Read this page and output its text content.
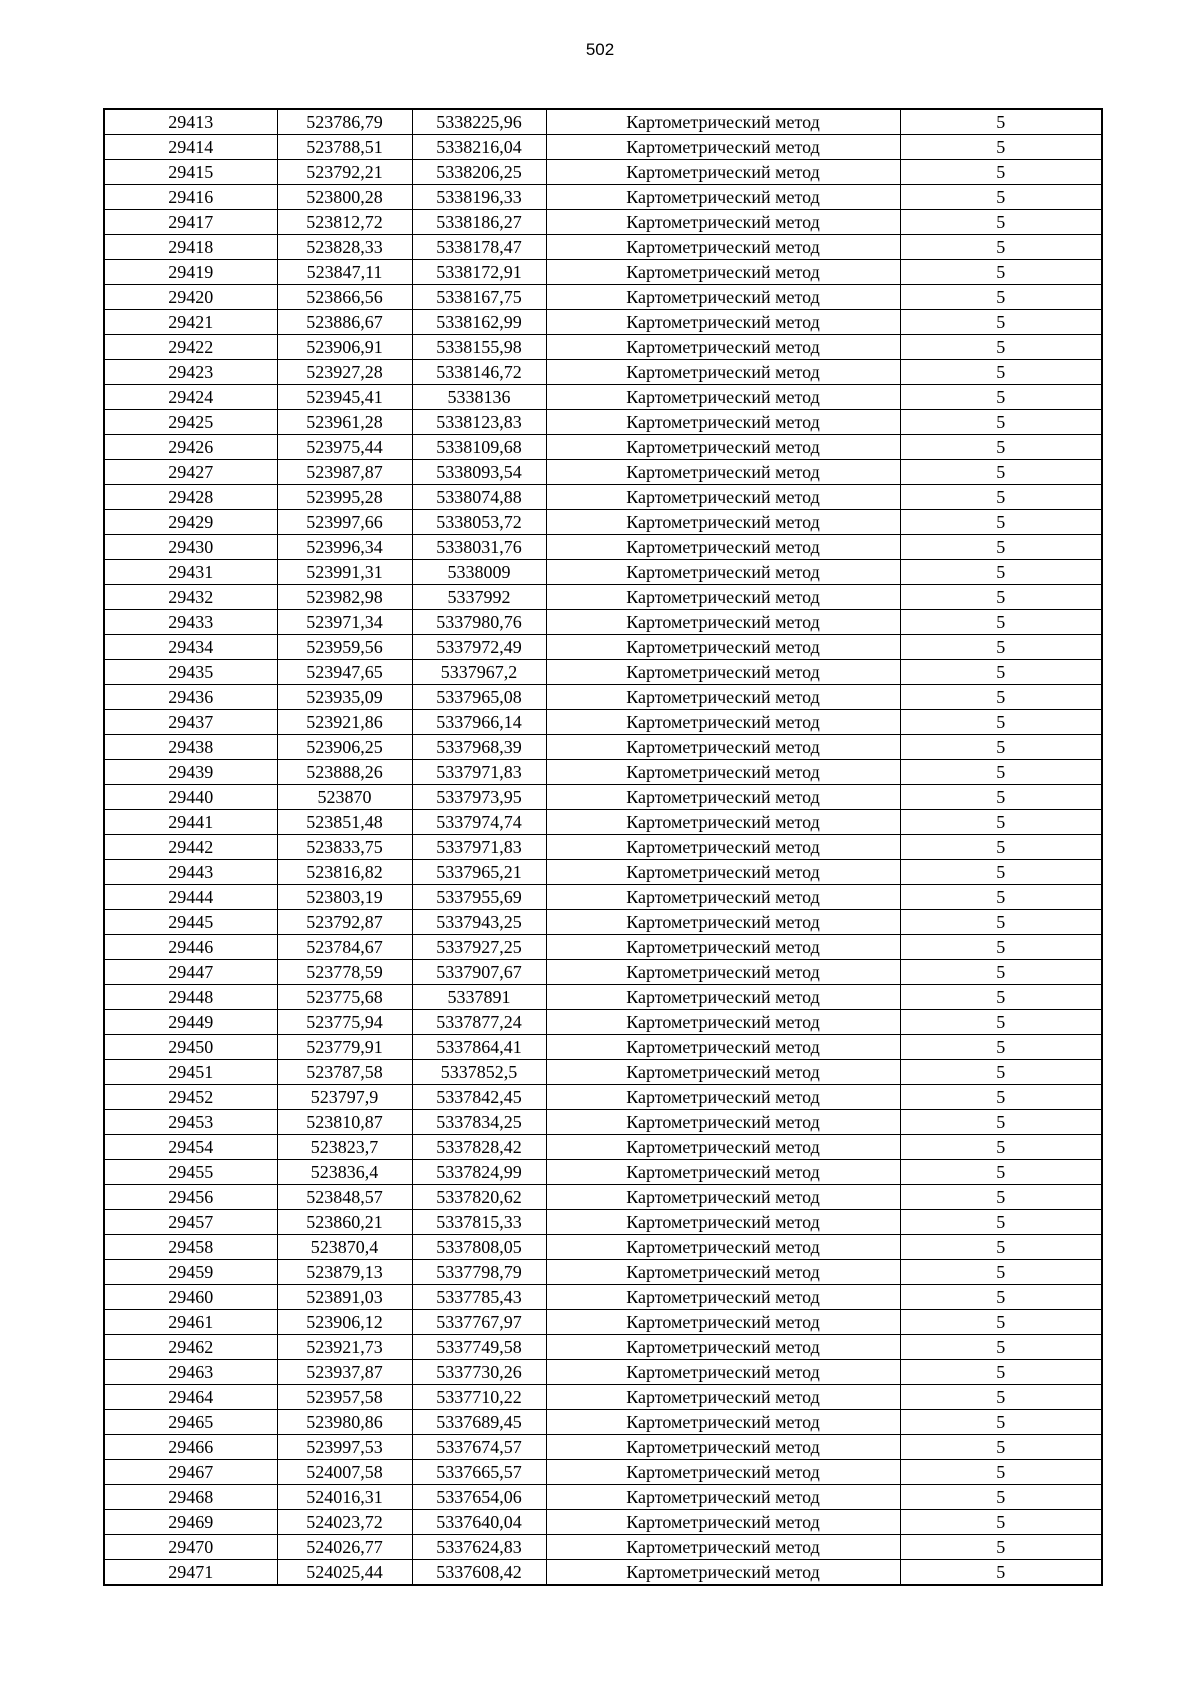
502
29413	523786,79	5338225,96	Картометрический метод	5
29414	523788,51	5338216,04	Картометрический метод	5
29415	523792,21	5338206,25	Картометрический метод	5
29416	523800,28	5338196,33	Картометрический метод	5
29417	523812,72	5338186,27	Картометрический метод	5
29418	523828,33	5338178,47	Картометрический метод	5
29419	523847,11	5338172,91	Картометрический метод	5
29420	523866,56	5338167,75	Картометрический метод	5
29421	523886,67	5338162,99	Картометрический метод	5
29422	523906,91	5338155,98	Картометрический метод	5
29423	523927,28	5338146,72	Картометрический метод	5
29424	523945,41	5338136	Картометрический метод	5
29425	523961,28	5338123,83	Картометрический метод	5
29426	523975,44	5338109,68	Картометрический метод	5
29427	523987,87	5338093,54	Картометрический метод	5
29428	523995,28	5338074,88	Картометрический метод	5
29429	523997,66	5338053,72	Картометрический метод	5
29430	523996,34	5338031,76	Картометрический метод	5
29431	523991,31	5338009	Картометрический метод	5
29432	523982,98	5337992	Картометрический метод	5
29433	523971,34	5337980,76	Картометрический метод	5
29434	523959,56	5337972,49	Картометрический метод	5
29435	523947,65	5337967,2	Картометрический метод	5
29436	523935,09	5337965,08	Картометрический метод	5
29437	523921,86	5337966,14	Картометрический метод	5
29438	523906,25	5337968,39	Картометрический метод	5
29439	523888,26	5337971,83	Картометрический метод	5
29440	523870	5337973,95	Картометрический метод	5
29441	523851,48	5337974,74	Картометрический метод	5
29442	523833,75	5337971,83	Картометрический метод	5
29443	523816,82	5337965,21	Картометрический метод	5
29444	523803,19	5337955,69	Картометрический метод	5
29445	523792,87	5337943,25	Картометрический метод	5
29446	523784,67	5337927,25	Картометрический метод	5
29447	523778,59	5337907,67	Картометрический метод	5
29448	523775,68	5337891	Картометрический метод	5
29449	523775,94	5337877,24	Картометрический метод	5
29450	523779,91	5337864,41	Картометрический метод	5
29451	523787,58	5337852,5	Картометрический метод	5
29452	523797,9	5337842,45	Картометрический метод	5
29453	523810,87	5337834,25	Картометрический метод	5
29454	523823,7	5337828,42	Картометрический метод	5
29455	523836,4	5337824,99	Картометрический метод	5
29456	523848,57	5337820,62	Картометрический метод	5
29457	523860,21	5337815,33	Картометрический метод	5
29458	523870,4	5337808,05	Картометрический метод	5
29459	523879,13	5337798,79	Картометрический метод	5
29460	523891,03	5337785,43	Картометрический метод	5
29461	523906,12	5337767,97	Картометрический метод	5
29462	523921,73	5337749,58	Картометрический метод	5
29463	523937,87	5337730,26	Картометрический метод	5
29464	523957,58	5337710,22	Картометрический метод	5
29465	523980,86	5337689,45	Картометрический метод	5
29466	523997,53	5337674,57	Картометрический метод	5
29467	524007,58	5337665,57	Картометрический метод	5
29468	524016,31	5337654,06	Картометрический метод	5
29469	524023,72	5337640,04	Картометрический метод	5
29470	524026,77	5337624,83	Картометрический метод	5
29471	524025,44	5337608,42	Картометрический метод	5
